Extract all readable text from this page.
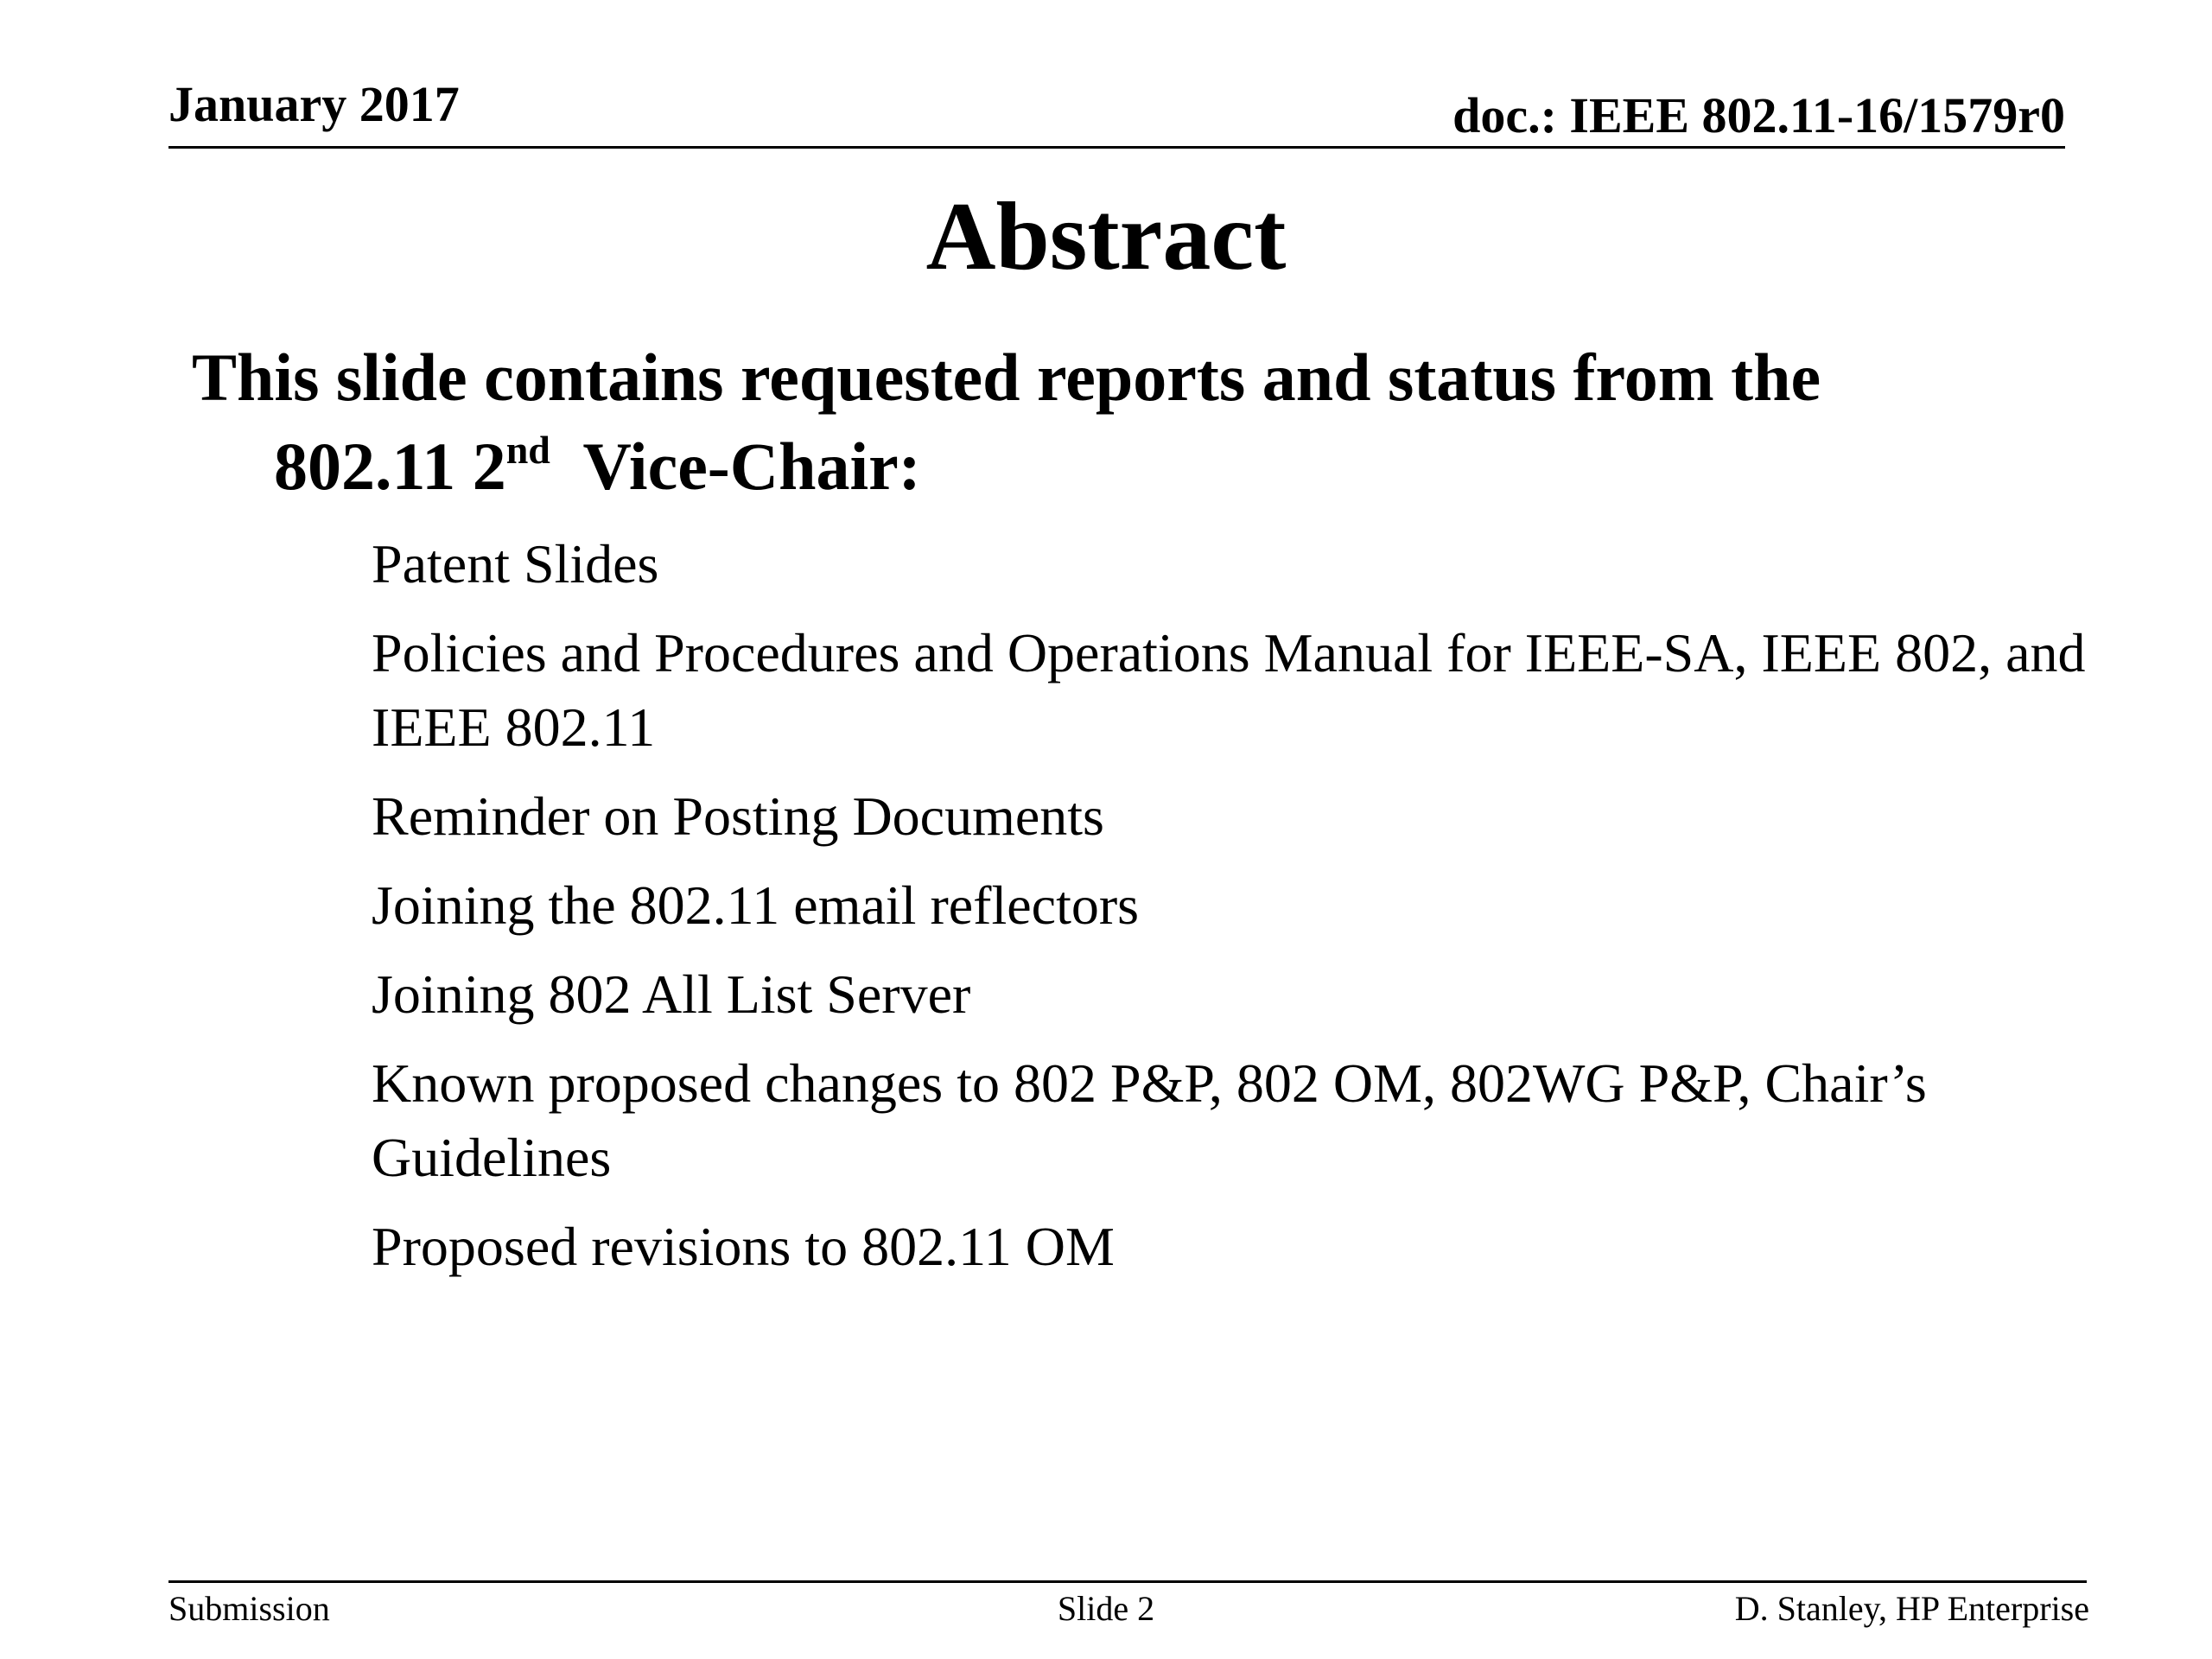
January 2017	doc.: IEEE 802.11-16/1579r0
Abstract
This slide contains requested reports and status from the
802.11 2nd  Vice-Chair:
Patent Slides
Policies and Procedures and Operations Manual for IEEE-SA, IEEE 802, and IEEE 802.11
Reminder on Posting Documents
Joining the 802.11 email reflectors
Joining 802 All List Server
Known proposed changes to 802 P&P, 802 OM, 802WG P&P, Chair’s Guidelines
Proposed revisions to 802.11 OM
Submission	Slide 2	D. Stanley, HP Enterprise
